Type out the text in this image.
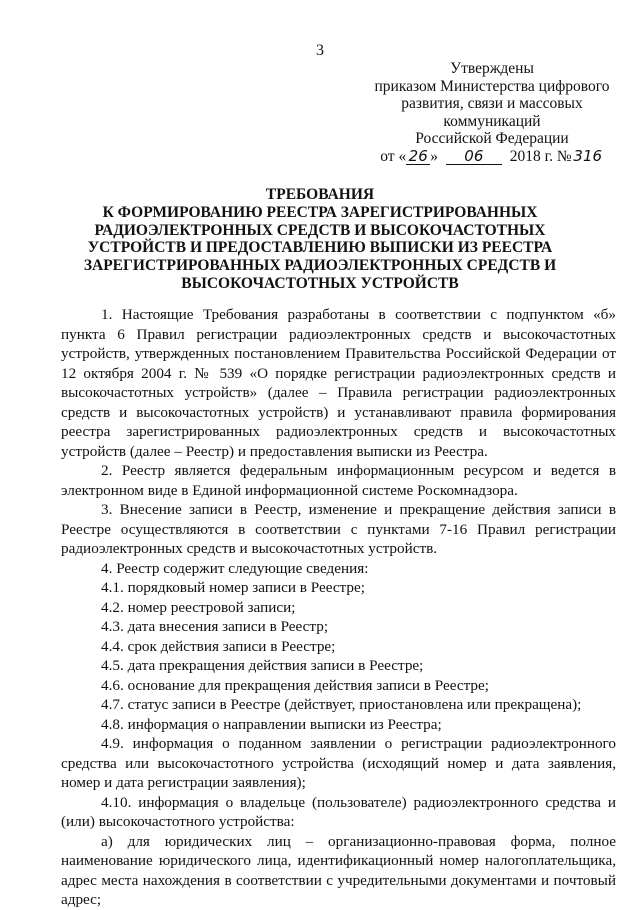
3
Утверждены
приказом Министерства цифрового
развития, связи и массовых
коммуникаций
Российской Федерации
от « 26 » 06 2018 г. № 316
ТРЕБОВАНИЯ
К ФОРМИРОВАНИЮ РЕЕСТРА ЗАРЕГИСТРИРОВАННЫХ
РАДИОЭЛЕКТРОННЫХ СРЕДСТВ И ВЫСОКОЧАСТОТНЫХ
УСТРОЙСТВ И ПРЕДОСТАВЛЕНИЮ ВЫПИСКИ ИЗ РЕЕСТРА
ЗАРЕГИСТРИРОВАННЫХ РАДИОЭЛЕКТРОННЫХ СРЕДСТВ И
ВЫСОКОЧАСТОТНЫХ УСТРОЙСТВ

1. Настоящие Требования разработаны в соответствии с подпунктом «б» пункта 6 Правил регистрации радиоэлектронных средств и высокочастотных устройств, утвержденных постановлением Правительства Российской Федерации от 12 октября 2004 г. № 539 «О порядке регистрации радиоэлектронных средств и высокочастотных устройств» (далее – Правила регистрации радиоэлектронных средств и высокочастотных устройств) и устанавливают правила формирования реестра зарегистрированных радиоэлектронных средств и высокочастотных устройств (далее – Реестр) и предоставления выписки из Реестра.

2. Реестр является федеральным информационным ресурсом и ведется в электронном виде в Единой информационной системе Роскомнадзора.

3. Внесение записи в Реестр, изменение и прекращение действия записи в Реестре осуществляются в соответствии с пунктами 7-16 Правил регистрации радиоэлектронных средств и высокочастотных устройств.

4. Реестр содержит следующие сведения:

4.1. порядковый номер записи в Реестре;

4.2. номер реестровой записи;

4.3. дата внесения записи в Реестр;

4.4. срок действия записи в Реестре;

4.5. дата прекращения действия записи в Реестре;

4.6. основание для прекращения действия записи в Реестре;

4.7. статус записи в Реестре (действует, приостановлена или прекращена);

4.8. информация о направлении выписки из Реестра;

4.9. информация о поданном заявлении о регистрации радиоэлектронного средства или высокочастотного устройства (исходящий номер и дата заявления, номер и дата регистрации заявления);

4.10. информация о владельце (пользователе) радиоэлектронного средства и (или) высокочастотного устройства:

а) для юридических лиц – организационно-правовая форма, полное наименование юридического лица, идентификационный номер налогоплательщика, адрес места нахождения в соответствии с учредительными документами и почтовый адрес;
